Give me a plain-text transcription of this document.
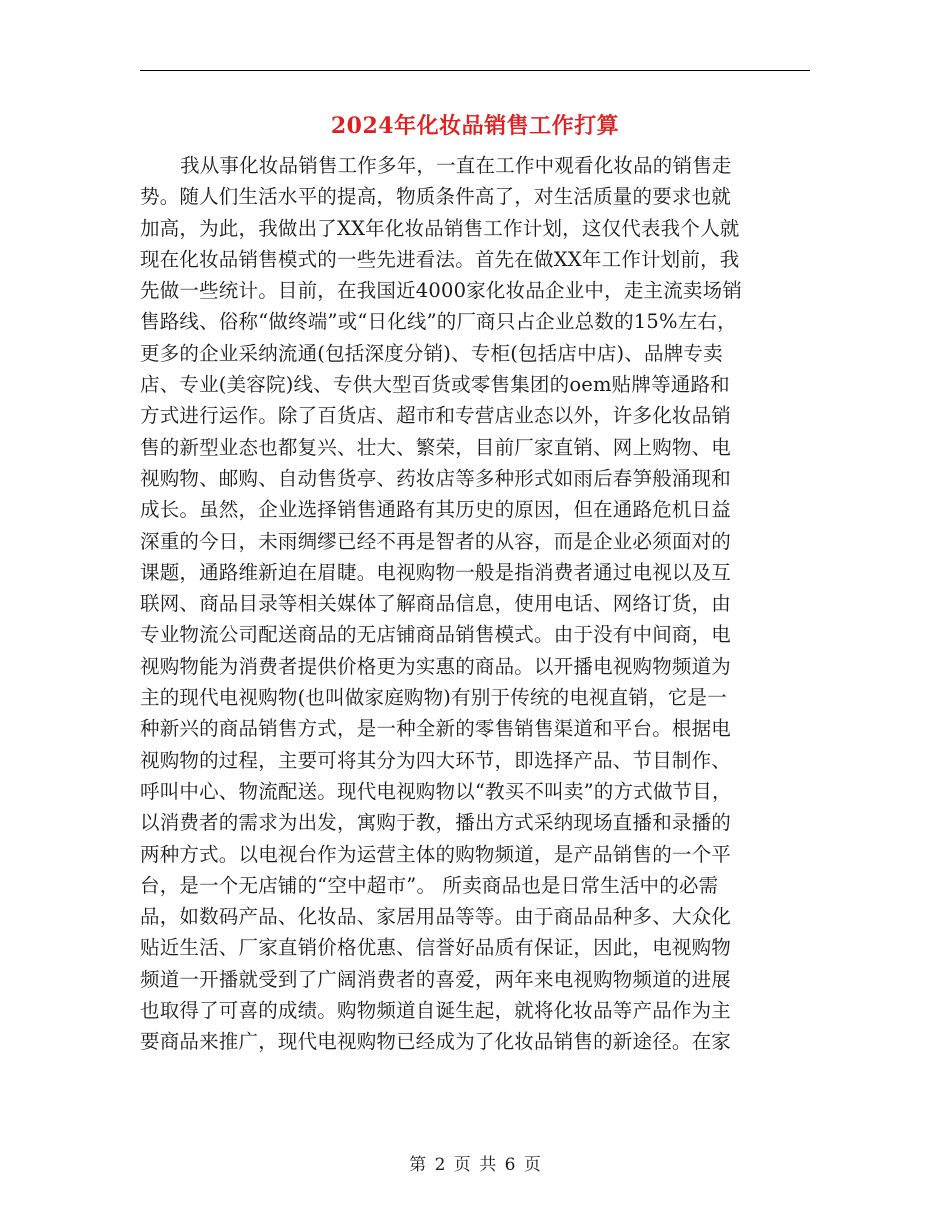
2024年化妆品销售工作打算
我从事化妆品销售工作多年，一直在工作中观看化妆品的销售走
势。随人们生活水平的提高，物质条件高了，对生活质量的要求也就
加高，为此，我做出了XX年化妆品销售工作计划，这仅代表我个人就
现在化妆品销售模式的一些先进看法。首先在做XX年工作计划前，我
先做一些统计。目前，在我国近4000家化妆品企业中，走主流卖场销
售路线、俗称“做终端”或“日化线”的厂商只占企业总数的15%左右，
更多的企业采纳流通(包括深度分销)、专柜(包括店中店)、品牌专卖
店、专业(美容院)线、专供大型百货或零售集团的oem贴牌等通路和
方式进行运作。除了百货店、超市和专营店业态以外，许多化妆品销
售的新型业态也都复兴、壮大、繁荣，目前厂家直销、网上购物、电
视购物、邮购、自动售货亭、药妆店等多种形式如雨后春笋般涌现和
成长。虽然，企业选择销售通路有其历史的原因，但在通路危机日益
深重的今日，未雨绸缪已经不再是智者的从容，而是企业必须面对的
课题，通路维新迫在眉睫。电视购物一般是指消费者通过电视以及互
联网、商品目录等相关媒体了解商品信息，使用电话、网络订货，由
专业物流公司配送商品的无店铺商品销售模式。由于没有中间商，电
视购物能为消费者提供价格更为实惠的商品。以开播电视购物频道为
主的现代电视购物(也叫做家庭购物)有别于传统的电视直销，它是一
种新兴的商品销售方式，是一种全新的零售销售渠道和平台。根据电
视购物的过程，主要可将其分为四大环节，即选择产品、节目制作、
呼叫中心、物流配送。现代电视购物以“教买不叫卖”的方式做节目，
以消费者的需求为出发，寓购于教，播出方式采纳现场直播和录播的
两种方式。以电视台作为运营主体的购物频道，是产品销售的一个平
台，是一个无店铺的“空中超市”。 所卖商品也是日常生活中的必需
品，如数码产品、化妆品、家居用品等等。由于商品品种多、大众化
贴近生活、厂家直销价格优惠、信誉好品质有保证，因此，电视购物
频道一开播就受到了广阔消费者的喜爱，两年来电视购物频道的进展
也取得了可喜的成绩。购物频道自诞生起，就将化妆品等产品作为主
要商品来推广，现代电视购物已经成为了化妆品销售的新途径。在家
第 2 页 共 6 页
